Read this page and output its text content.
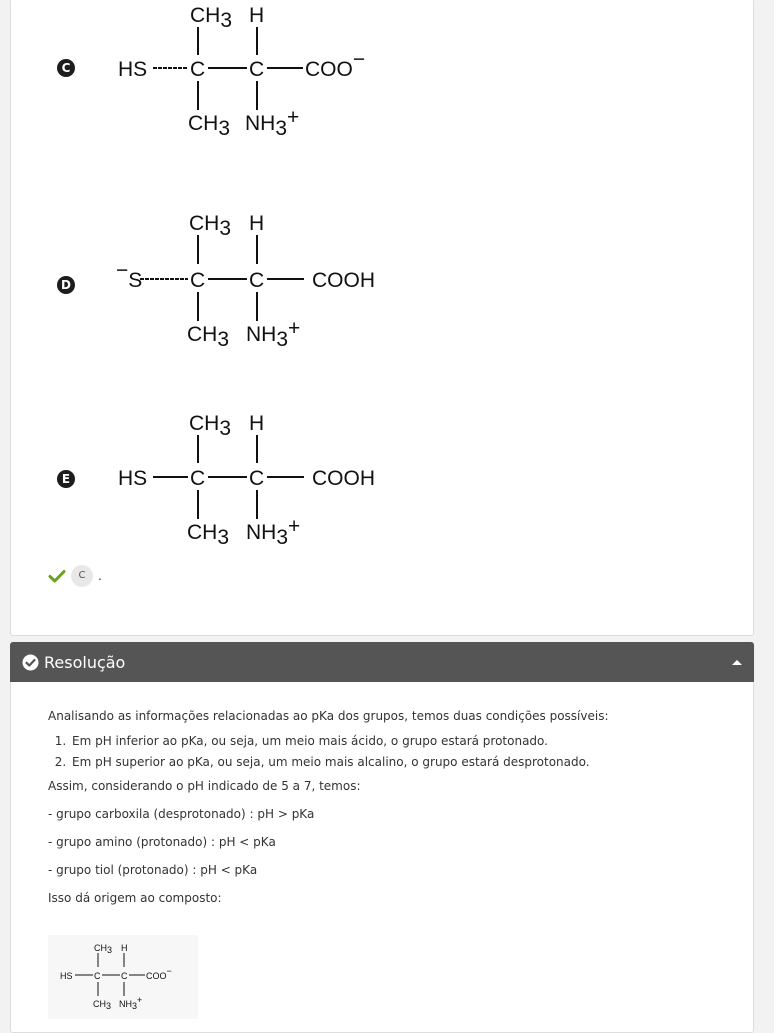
C
CH3 H
HS C C COO−
CH3 NH3+
D
CH3 H
−S C C COOH
CH3 NH3+
E
CH3 H
HS C C COOH
CH3 NH3+
C	.
Resolução

Analisando as informações relacionadas ao pKa dos grupos, temos duas condições possíveis:

1. Em pH inferior ao pKa, ou seja, um meio mais ácido, o grupo estará protonado.
2. Em pH superior ao pKa, ou seja, um meio mais alcalino, o grupo estará desprotonado.

Assim, considerando o pH indicado de 5 a 7, temos:

- grupo carboxila (desprotonado) : pH > pKa

- grupo amino (protonado) : pH < pKa

- grupo tiol (protonado) : pH < pKa

Isso dá origem ao composto:

CH3 H
HS C C COO−
CH3 NH3+
